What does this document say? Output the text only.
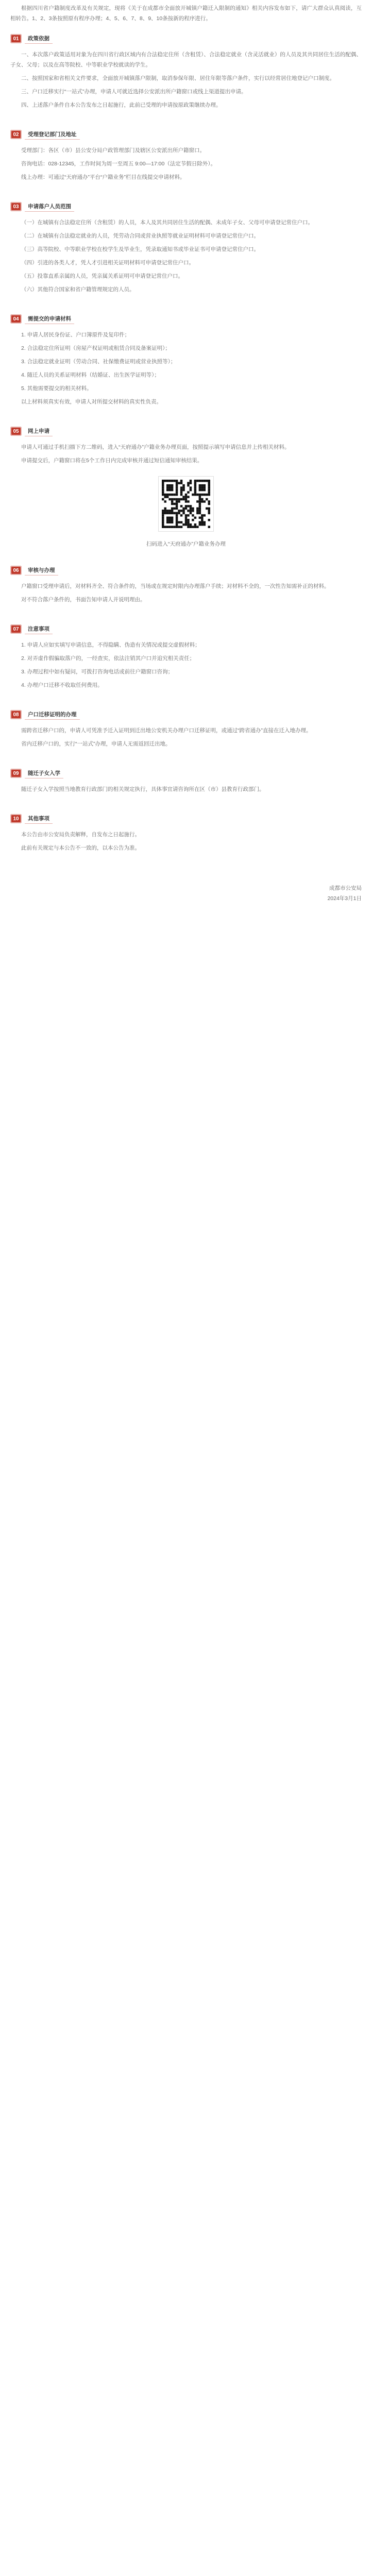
根据四川省户籍制度改革及有关规定，现将《关于在成都市全面放开城镇户籍迁入限制的通知》相关内容发布如下，请广大群众认真阅读，互相转告。1、2、3条按照原有程序办理；4、5、6、7、8、9、10条按新的程序进行。

01	政策依据

一、本次落户政策适用对象为在四川省行政区域内有合法稳定住所（含租赁）、合法稳定就业（含灵活就业）的人员及其共同居住生活的配偶、子女、父母；以及在高等院校、中等职业学校就读的学生。

二、按照国家和省相关文件要求，全面放开城镇落户限制，取消参保年限、居住年限等落户条件，实行以经常居住地登记户口制度。

三、户口迁移实行“一站式”办理，申请人可就近选择公安派出所户籍窗口或线上渠道提出申请。

四、上述落户条件自本公告发布之日起施行，此前已受理的申请按原政策继续办理。

02	受理登记部门及地址

受理部门：各区（市）县公安分局户政管理部门及辖区公安派出所户籍窗口。

咨询电话：028-12345，工作时间为周一至周五 9:00—17:00（法定节假日除外）。

线上办理：可通过“天府通办”平台“户籍业务”栏目在线提交申请材料。

03	申请落户人员范围

（一）在城镇有合法稳定住所（含租赁）的人员，本人及其共同居住生活的配偶、未成年子女、父母可申请登记常住户口。

（二）在城镇有合法稳定就业的人员，凭劳动合同或营业执照等就业证明材料可申请登记常住户口。

（三）高等院校、中等职业学校在校学生及毕业生，凭录取通知书或毕业证书可申请登记常住户口。

（四）引进的各类人才，凭人才引进相关证明材料可申请登记常住户口。

（五）投靠直系亲属的人员，凭亲属关系证明可申请登记常住户口。

（六）其他符合国家和省户籍管理规定的人员。

04	需提交的申请材料

1. 申请人居民身份证、户口簿原件及复印件；

2. 合法稳定住所证明（房屋产权证明或租赁合同及备案证明）；

3. 合法稳定就业证明（劳动合同、社保缴费证明或营业执照等）；

4. 随迁人员的关系证明材料（结婚证、出生医学证明等）；

5. 其他需要提交的相关材料。

以上材料须真实有效，申请人对所提交材料的真实性负责。

05	网上申请

申请人可通过手机扫描下方二维码，进入“天府通办”户籍业务办理页面，按照提示填写申请信息并上传相关材料。

申请提交后，户籍窗口将在5个工作日内完成审核并通过短信通知审核结果。

扫码进入“天府通办”户籍业务办理

06	审核与办理

户籍窗口受理申请后，对材料齐全、符合条件的，当场或在规定时限内办理落户手续；对材料不全的，一次性告知需补正的材料。

对不符合落户条件的，书面告知申请人并说明理由。

07	注意事项

1. 申请人应如实填写申请信息，不得隐瞒、伪造有关情况或提交虚假材料；

2. 对弄虚作假骗取落户的，一经查实，依法注销其户口并追究相关责任；

3. 办理过程中如有疑问，可拨打咨询电话或前往户籍窗口咨询；

4. 办理户口迁移不收取任何费用。

08	户口迁移证明的办理

需跨省迁移户口的，申请人可凭准予迁入证明到迁出地公安机关办理户口迁移证明，或通过“跨省通办”直接在迁入地办理。

省内迁移户口的，实行“一站式”办理，申请人无需返回迁出地。

09	随迁子女入学

随迁子女入学按照当地教育行政部门的相关规定执行，具体事宜请咨询所在区（市）县教育行政部门。

10	其他事项

本公告由市公安局负责解释，自发布之日起施行。

此前有关规定与本公告不一致的，以本公告为准。

成都市公安局

2024年3月1日
